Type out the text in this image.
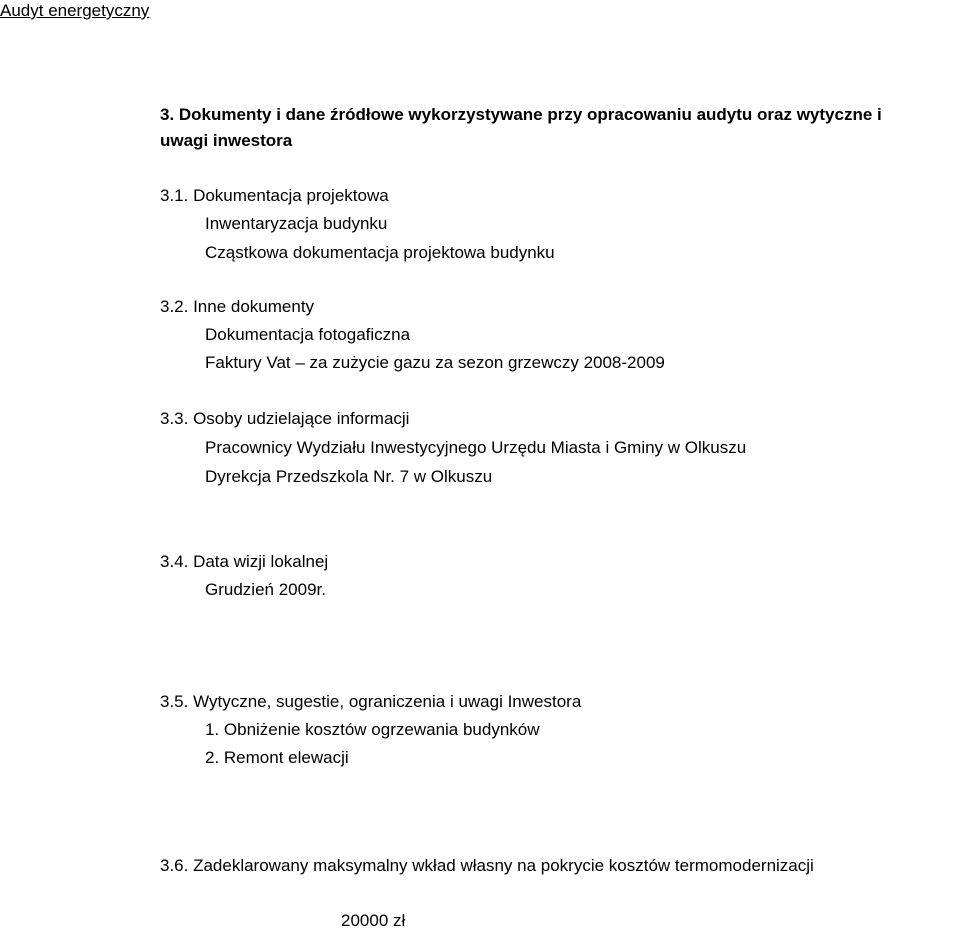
Audyt energetyczny
3. Dokumenty i dane źródłowe wykorzystywane przy opracowaniu audytu oraz wytyczne i
uwagi inwestora
3.1. Dokumentacja projektowa
Inwentaryzacja budynku
Cząstkowa dokumentacja projektowa budynku
3.2. Inne dokumenty
Dokumentacja fotogaficzna
Faktury Vat – za zużycie gazu za sezon grzewczy 2008-2009
3.3. Osoby udzielające informacji
Pracownicy Wydziału Inwestycyjnego Urzędu Miasta i Gminy w Olkuszu
Dyrekcja Przedszkola Nr. 7 w Olkuszu
3.4. Data wizji lokalnej
Grudzień 2009r.
3.5. Wytyczne, sugestie, ograniczenia i uwagi Inwestora
1. Obniżenie kosztów ogrzewania budynków
2. Remont elewacji
3.6. Zadeklarowany maksymalny wkład własny na pokrycie kosztów termomodernizacji
20000 zł
